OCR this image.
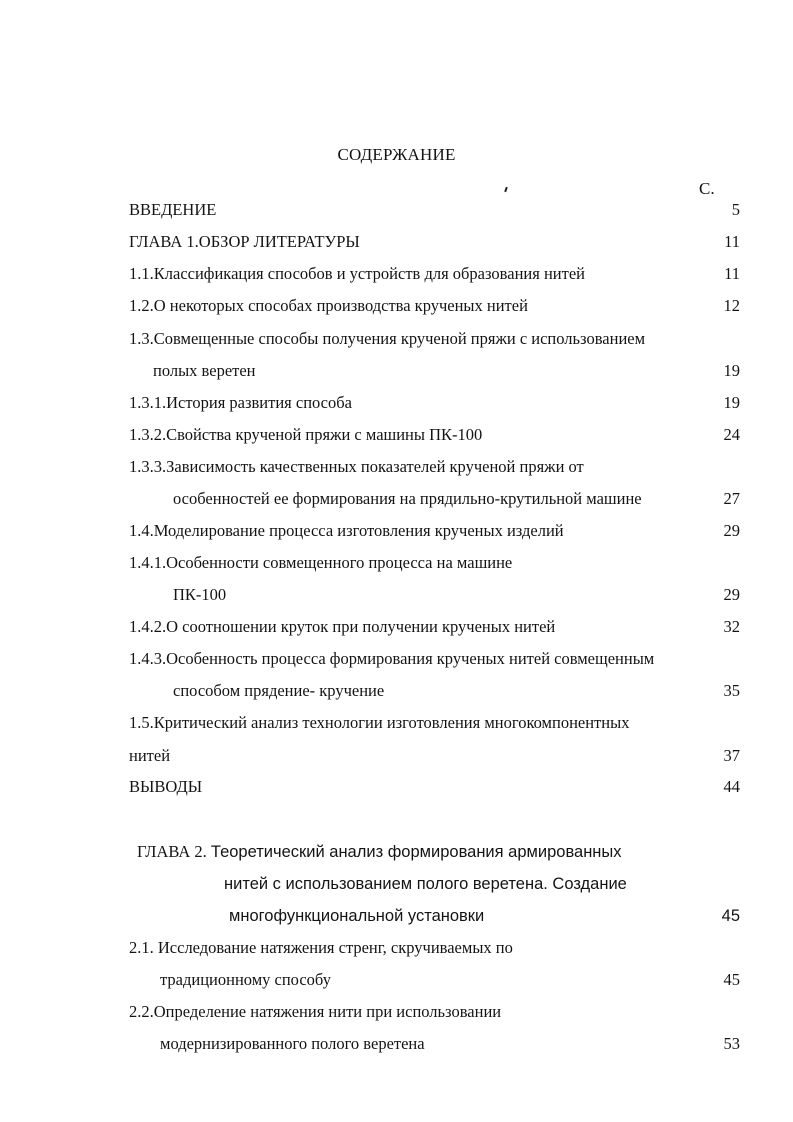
СОДЕРЖАНИЕ
С.
ВВЕДЕНИЕ	5
ГЛАВА 1.ОБЗОР ЛИТЕРАТУРЫ	11
1.1.Классификация способов и устройств для образования нитей	11
1.2.О некоторых способах производства крученых нитей	12
1.3.Совмещенные способы получения крученой пряжи с использованием
полых веретен	19
1.3.1.История развития способа	19
1.3.2.Свойства крученой пряжи с машины ПК-100	24
1.3.3.Зависимость качественных показателей крученой пряжи от
особенностей ее формирования на прядильно-крутильной машине	27
1.4.Моделирование процесса изготовления крученых изделий	29
1.4.1.Особенности совмещенного процесса на машине
ПК-100	29
1.4.2.О соотношении круток при получении крученых нитей	32
1.4.3.Особенность процесса формирования крученых нитей совмещенным
способом прядение- кручение	35
1.5.Критический анализ технологии изготовления многокомпонентных
нитей	37
ВЫВОДЫ	44
ГЛАВА 2. Теоретический анализ формирования армированных
нитей с использованием полого веретена. Создание
многофункциональной установки	45
2.1. Исследование натяжения стренг, скручиваемых по
традиционному способу	45
2.2.Определение натяжения нити при использовании
модернизированного полого веретена	53
